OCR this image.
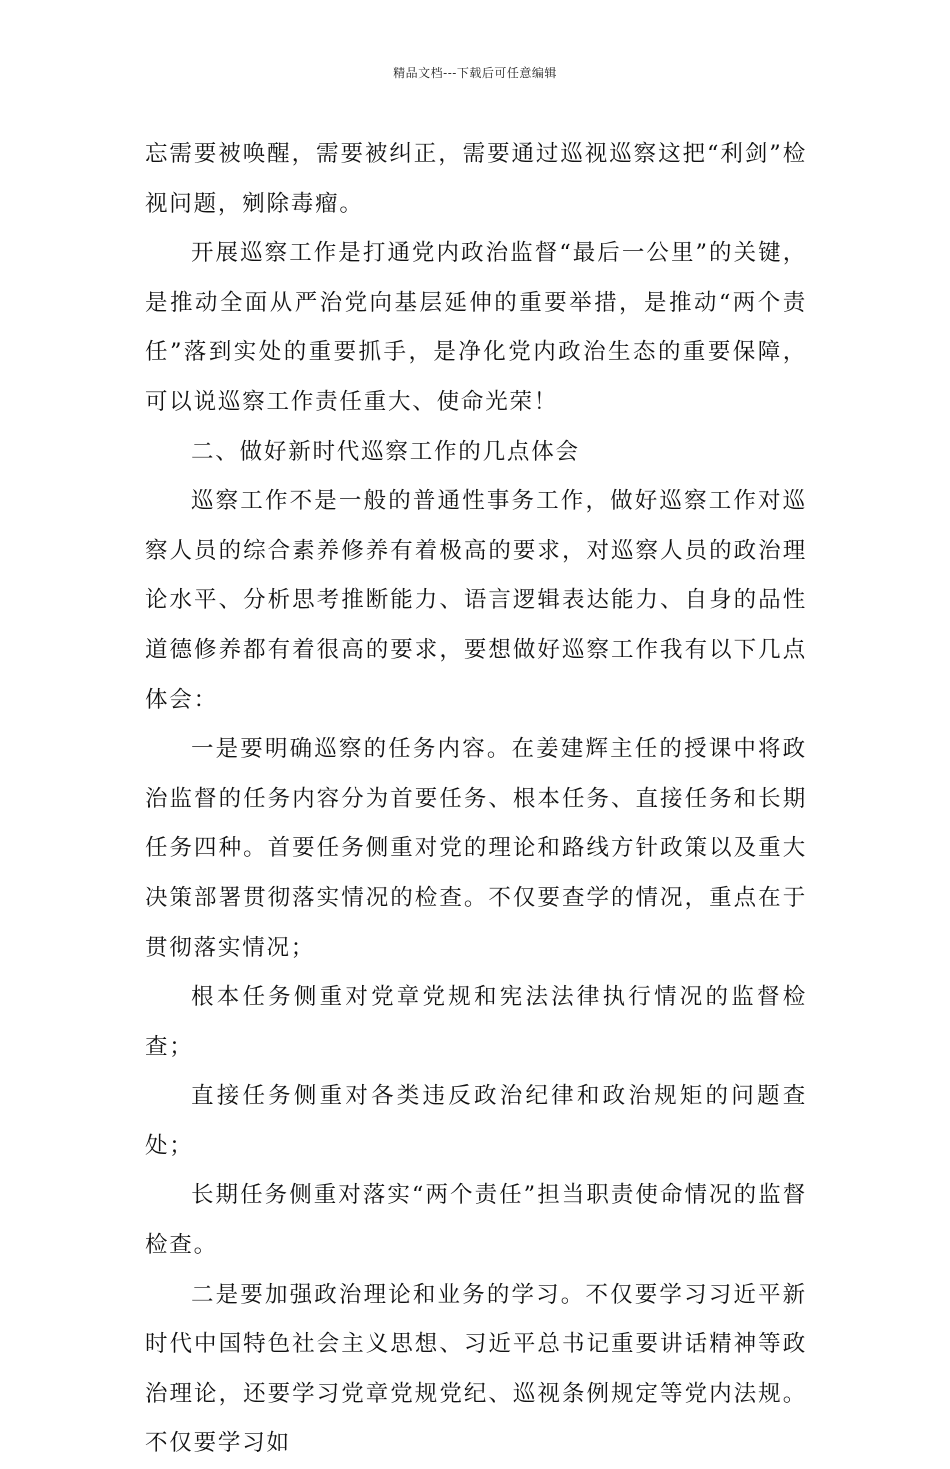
精品文档---下载后可任意编辑

忘需要被唤醒，需要被纠正，需要通过巡视巡察这把“利剑”检视问题，剜除毒瘤。

开展巡察工作是打通党内政治监督“最后一公里”的关键，是推动全面从严治党向基层延伸的重要举措，是推动“两个责任”落到实处的重要抓手，是净化党内政治生态的重要保障，可以说巡察工作责任重大、使命光荣！

二、做好新时代巡察工作的几点体会

巡察工作不是一般的普通性事务工作，做好巡察工作对巡察人员的综合素养修养有着极高的要求，对巡察人员的政治理论水平、分析思考推断能力、语言逻辑表达能力、自身的品性道德修养都有着很高的要求，要想做好巡察工作我有以下几点体会：

一是要明确巡察的任务内容。在姜建辉主任的授课中将政治监督的任务内容分为首要任务、根本任务、直接任务和长期任务四种。首要任务侧重对党的理论和路线方针政策以及重大决策部署贯彻落实情况的检查。不仅要查学的情况，重点在于贯彻落实情况；

根本任务侧重对党章党规和宪法法律执行情况的监督检查；

直接任务侧重对各类违反政治纪律和政治规矩的问题查处；

长期任务侧重对落实“两个责任”担当职责使命情况的监督检查。

二是要加强政治理论和业务的学习。不仅要学习习近平新时代中国特色社会主义思想、习近平总书记重要讲话精神等政治理论，还要学习党章党规党纪、巡视条例规定等党内法规。不仅要学习如
